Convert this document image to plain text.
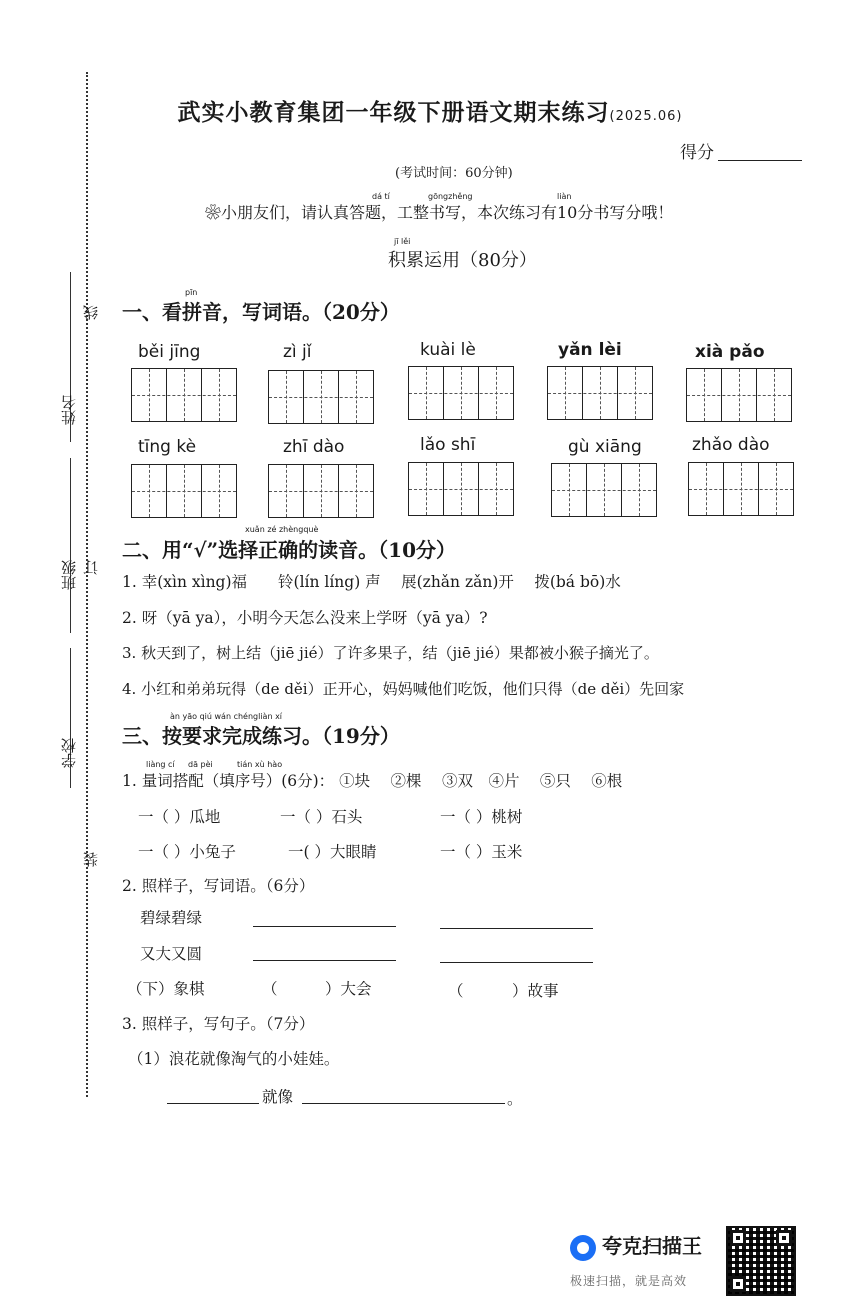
线
姓名
订
班级
学校
装
武实小教育集团一年级下册语文期末练习(2025.06)
得分
(考试时间：60分钟)
dá tí	gōngzhěng	liàn
❀小朋友们，请认真答题，工整书写，本次练习有10分书写分哦！
jī lěi
积累运用（80分）
pīn
一、看拼音，写词语。（20分）
běi jīng	zì jǐ	kuài lè	yǎn lèi	xià pǎo
tīng kè	zhī dào	lǎo shī	gù xiāng	zhǎo dào
xuǎn zé zhèngquè
二、用“√”选择正确的读音。（10分）
1. 幸(xìn xìng)福　　铃(lín líng) 声　 展(zhǎn zǎn)开　 拨(bá bō)水
2. 呀（yā ya），小明今天怎么没来上学呀（yā ya）?
3. 秋天到了，树上结（jiē jié）了许多果子，结（jiē jié）果都被小猴子摘光了。
4. 小红和弟弟玩得（de děi）正开心，妈妈喊他们吃饭，他们只得（de děi）先回家
àn yāo qiú wán chéngliàn xí
三、按要求完成练习。（19分）
liàng cí dā pèi	tián xù hào
1. 量词搭配（填序号）(6分)： ①块　 ②棵　 ③双　④片　 ⑤只　 ⑥根
一（ ）瓜地	一（ ）石头	一（ ）桃树
一（ ）小兔子	一( ）大眼睛	一（ ）玉米
2. 照样子，写词语。（6分）
碧绿碧绿
又大又圆
（下）象棋	（	）大会	（	）故事
3. 照样子，写句子。（7分）
（1）浪花就像淘气的小娃娃。
就像	。
夸克扫描王
极速扫描，就是高效
